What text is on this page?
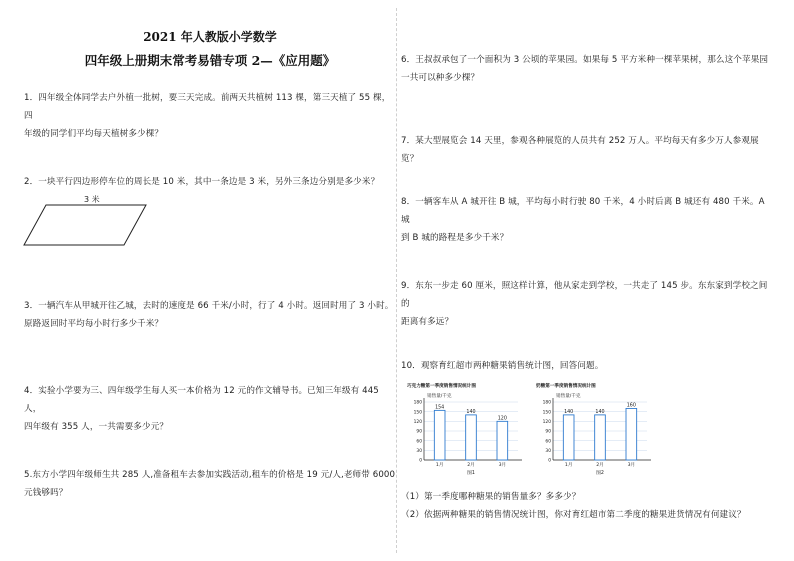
2021 年人教版小学数学
四年级上册期末常考易错专项 2—《应用题》
1．四年级全体同学去户外植一批树，要三天完成。前两天共植树 113 棵，第三天植了 55 棵，四
年级的同学们平均每天植树多少棵？
2．一块平行四边形停车位的周长是 10 米，其中一条边是 3 米，另外三条边分别是多少米？
3 米
3．一辆汽车从甲城开往乙城，去时的速度是 66 千米/小时，行了 4 小时。返回时用了 3 小时。
原路返回时平均每小时行多少千米？
4．实验小学要为三、四年级学生每人买一本价格为 12 元的作文辅导书。已知三年级有 445 人，
四年级有 355 人，一共需要多少元？
5.东方小学四年级师生共 285 人,准备租车去参加实践活动,租车的价格是 19 元/人,老师带 6000
元钱够吗？
6．王叔叔承包了一个面积为 3 公顷的苹果园。如果每 5 平方米种一棵苹果树，那么这个苹果园
一共可以种多少棵？
7．某大型展览会 14 天里，参观各种展览的人员共有 252 万人。平均每天有多少万人参观展览？
8．一辆客车从 A 城开往 B 城，平均每小时行驶 80 千米，4 小时后离 B 城还有 480 千米。A 城
到 B 城的路程是多少千米？
9．东东一步走 60 厘米，照这样计算，他从家走到学校，一共走了 145 步。东东家到学校之间的
距离有多远？
10．观察育红超市两种糖果销售统计图，回答问题。
巧克力糖第一季度销售情况统计图
销售量/千克
0
30
60
90
120
150
180
154
1月
140
2月
120
3月
图1
奶糖第一季度销售情况统计图
销售量/千克
0
30
60
90
120
150
180
140
1月
140
2月
160
3月
图2
（1）第一季度哪种糖果的销售量多？多多少？
（2）依据两种糖果的销售情况统计图，你对育红超市第二季度的糖果进货情况有何建议？
